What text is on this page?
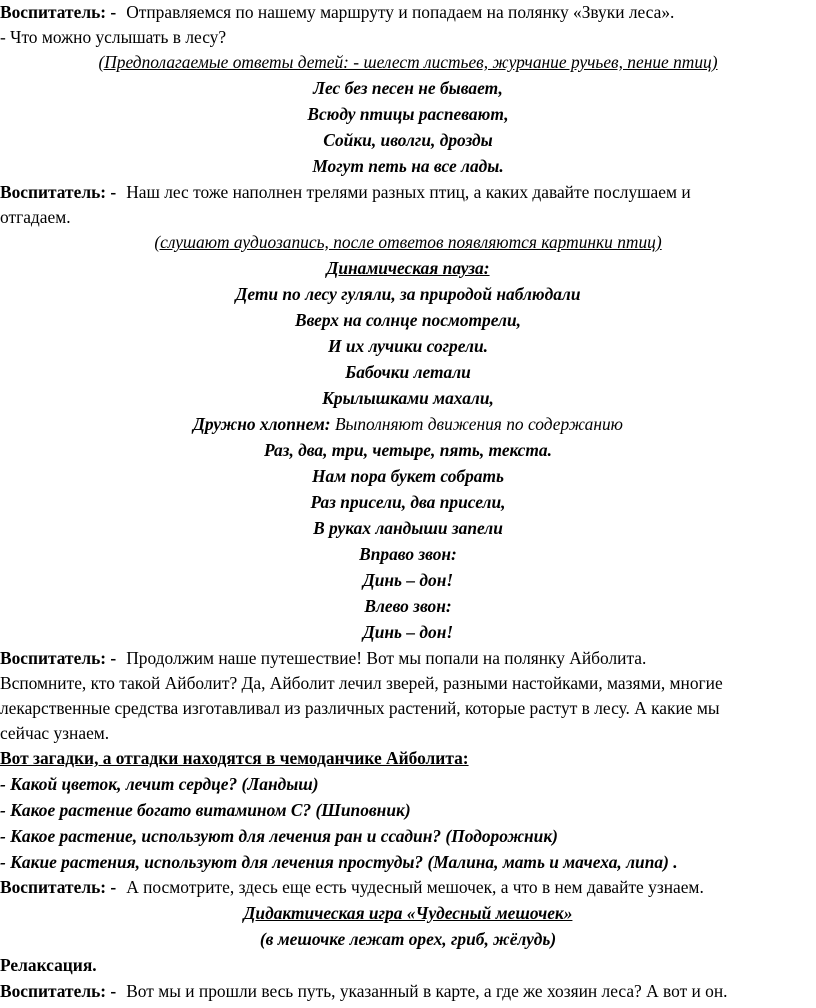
Воспитатель: - Отправляемся по нашему маршруту и попадаем на полянку «Звуки леса».
- Что можно услышать в лесу?
(Предполагаемые ответы детей: - шелест листьев, журчание ручьев, пение птиц)
Лес без песен не бывает,
Всюду птицы распевают,
Сойки, иволги, дрозды
Могут петь на все лады.
Воспитатель: - Наш лес тоже наполнен трелями разных птиц, а каких давайте послушаем и
отгадаем.
(слушают аудиозапись, после ответов появляются картинки птиц)
Динамическая пауза:
Дети по лесу гуляли, за природой наблюдали
Вверх на солнце посмотрели,
И их лучики согрели.
Бабочки летали
Крылышками махали,
Дружно хлопнем: Выполняют движения по содержанию
Раз, два, три, четыре, пять, текста.
Нам пора букет собрать
Раз присели, два присели,
В руках ландыши запели
Вправо звон:
Динь – дон!
Влево звон:
Динь – дон!
Воспитатель: - Продолжим наше путешествие! Вот мы попали на полянку Айболита.
Вспомните, кто такой Айболит? Да, Айболит лечил зверей, разными настойками, мазями, многие
лекарственные средства изготавливал из различных растений, которые растут в лесу. А какие мы
сейчас узнаем.
Вот загадки, а отгадки находятся в чемоданчике Айболита:
- Какой цветок, лечит сердце? (Ландыш)
- Какое растение богато витамином С? (Шиповник)
- Какое растение, используют для лечения ран и ссадин? (Подорожник)
- Какие растения, используют для лечения простуды? (Малина, мать и мачеха, липа) .
Воспитатель: - А посмотрите, здесь еще есть чудесный мешочек, а что в нем давайте узнаем.
Дидактическая игра «Чудесный мешочек»
(в мешочке лежат орех, гриб, жёлудь)
Релаксация.
Воспитатель: - Вот мы и прошли весь путь, указанный в карте, а где же хозяин леса? А вот и он.
